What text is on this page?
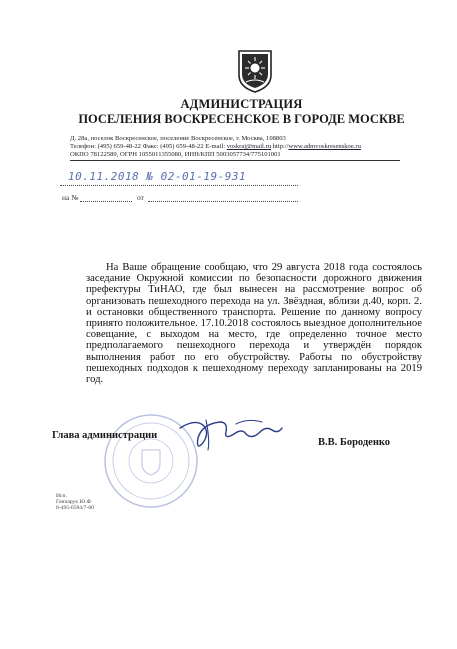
АДМИНИСТРАЦИЯ
ПОСЕЛЕНИЯ ВОСКРЕСЕНСКОЕ В ГОРОДЕ МОСКВЕ
Д. 28а, поселок Воскресенское, поселение Воскресенское, г. Москва, 108803
Телефон: (495) 659-48-22 Факс: (495) 659-48-22 E-mail: voskraj@mail.ru http://www.admvoskresenskoe.ru
ОКПО 78122589, ОГРН 1055011355080, ИНН/КПП 5003057734/775101001
10.11.2018 № 02-01-19-931
на №	от

На Ваше обращение сообщаю, что 29 августа 2018 года состоялось заседание Окружной комиссии по безопасности дорожного движения префектуры ТиНАО, где был вынесен на рассмотрение вопрос об организовать пешеходного перехода на ул. Звёздная, вблизи д.40, корп. 2. и остановки общественного транспорта. Решение по данному вопросу принято положительное. 17.10.2018 состоялось выездное дополнительное совещание, с выходом на место, где определенно точное место предполагаемого пешеходного перехода и утверждён порядок выполнения работ по его обустройству. Работы по обустройству пешеходных подходов к пешеходному переходу запланированы на 2019 год.

Глава администрации
В.В. Бороденко
Исп.
Гончарук Ю.Ф
8-495-6594/7-00
